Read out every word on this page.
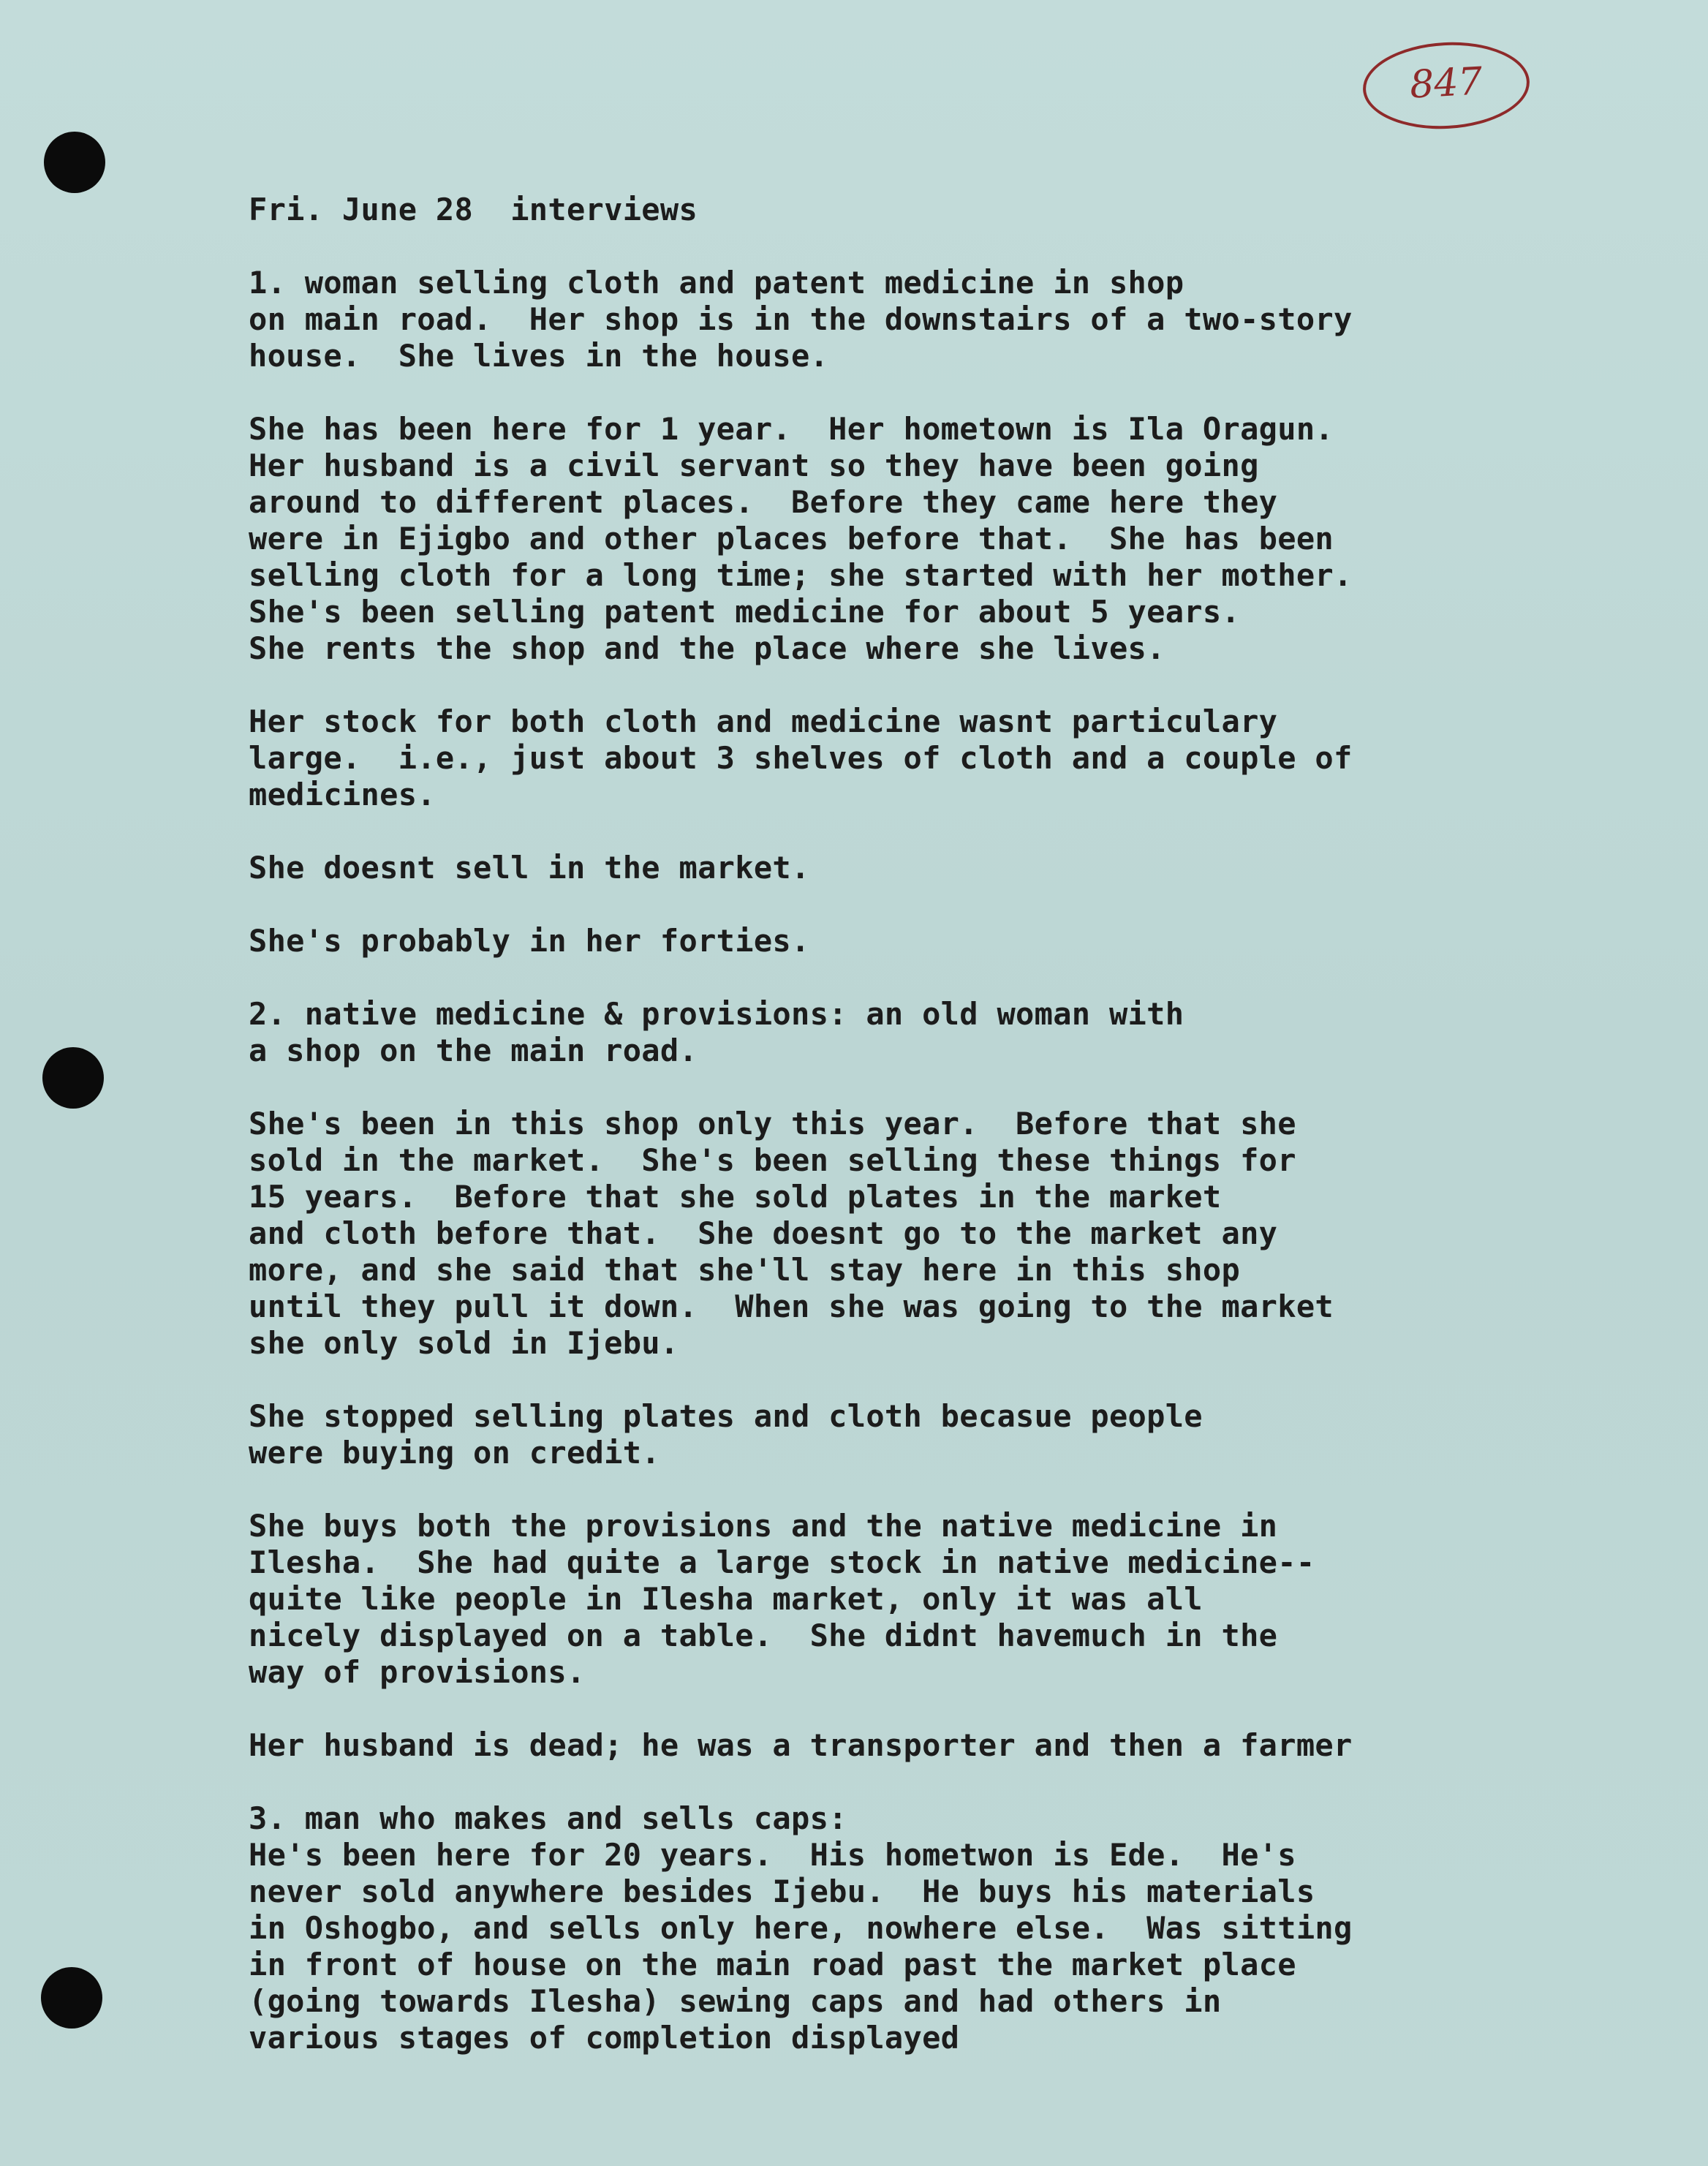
847

Fri. June 28  interviews

1. woman selling cloth and patent medicine in shop

on main road.  Her shop is in the downstairs of a two-story

house.  She lives in the house.

She has been here for 1 year.  Her hometown is Ila Oragun.

Her husband is a civil servant so they have been going

around to different places.  Before they came here they

were in Ejigbo and other places before that.  She has been

selling cloth for a long time; she started with her mother.

She's been selling patent medicine for about 5 years.

She rents the shop and the place where she lives.

Her stock for both cloth and medicine wasnt particulary

large.  i.e., just about 3 shelves of cloth and a couple of

medicines.

She doesnt sell in the market.

She's probably in her forties.

2. native medicine & provisions: an old woman with

a shop on the main road.

She's been in this shop only this year.  Before that she

sold in the market.  She's been selling these things for

15 years.  Before that she sold plates in the market

and cloth before that.  She doesnt go to the market any

more, and she said that she'll stay here in this shop

until they pull it down.  When she was going to the market

she only sold in Ijebu.

She stopped selling plates and cloth becasue people

were buying on credit.

She buys both the provisions and the native medicine in

Ilesha.  She had quite a large stock in native medicine--

quite like people in Ilesha market, only it was all

nicely displayed on a table.  She didnt havemuch in the

way of provisions.

Her husband is dead; he was a transporter and then a farmer

3. man who makes and sells caps:

He's been here for 20 years.  His hometwon is Ede.  He's

never sold anywhere besides Ijebu.  He buys his materials

in Oshogbo, and sells only here, nowhere else.  Was sitting

in front of house on the main road past the market place

(going towards Ilesha) sewing caps and had others in

various stages of completion displayed
